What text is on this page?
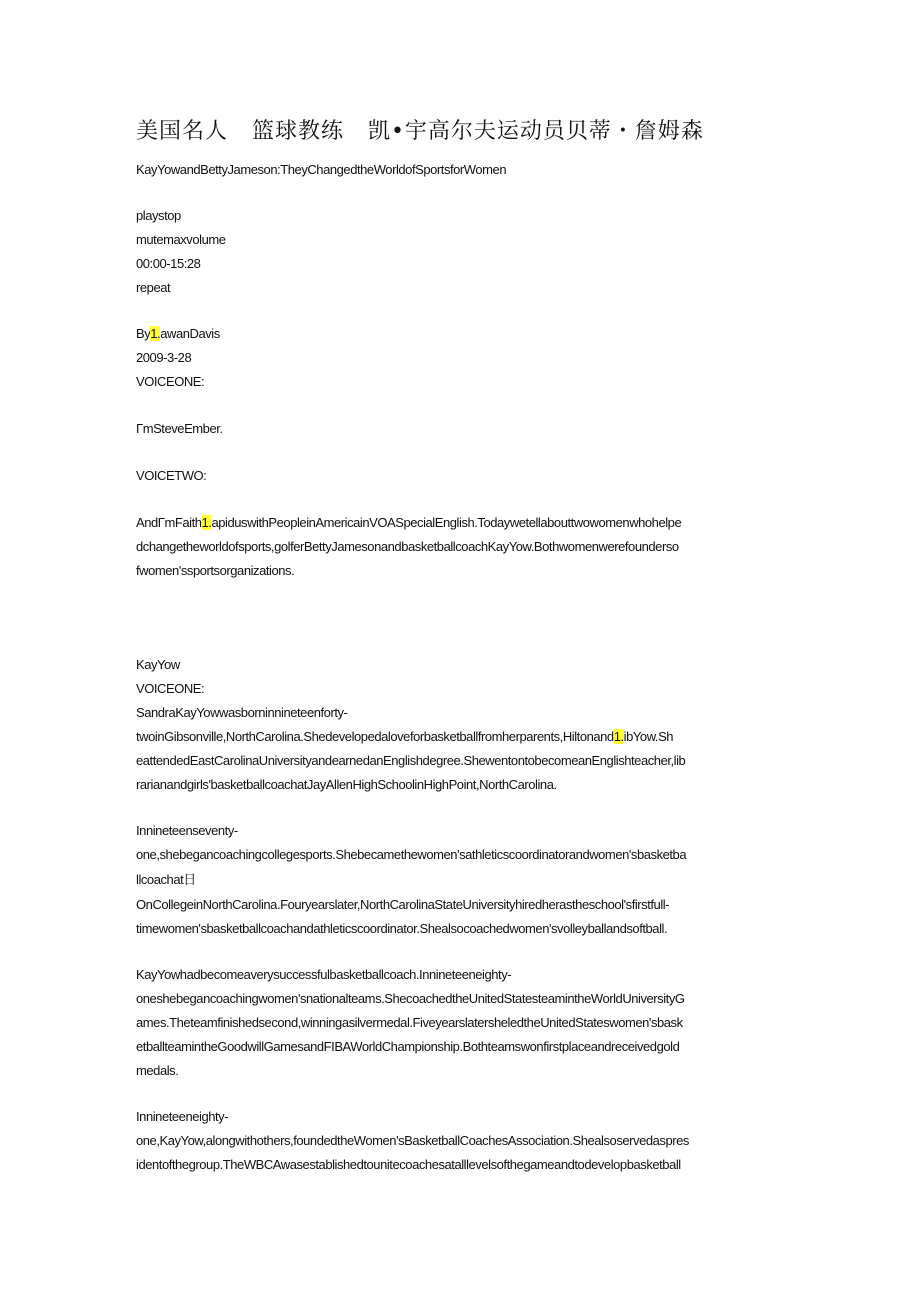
美国名人   篮球教练   凯•宇高尔夫运动员贝蒂・詹姆森

KayYowandBettyJameson:TheyChangedtheWorldofSportsforWomen

playstop

mutemaxvolume

00:00-15:28

repeat

By1.awanDavis

2009-3-28

VOICEONE:

ΓmSteveEmber.

VOICETWO:

AndΓmFaith1.apiduswithPeopleinAmericainVOASpecialEnglish.Todaywetellabouttwowomenwhohelpe

dchangetheworldofsports,golferBettyJamesonandbasketballcoachKayYow.Bothwomenwerefounderso

fwomen'ssportsorganizations.

KayYow

VOICEONE:

SandraKayYowwasborninnineteenforty-

twoinGibsonville,NorthCarolina.Shedevelopedaloveforbasketballfromherparents,Hiltonand1.ibYow.Sh

eattendedEastCarolinaUniversityandearnedanEnglishdegree.ShewentontobecomeanEnglishteacher,lib

rarianandgirls'basketballcoachatJayAllenHighSchoolinHighPoint,NorthCarolina.

Innineteenseventy-

one,shebegancoachingcollegesports.Shebecamethewomen'sathleticscoordinatorandwomen'sbasketba

llcoachat日

OnCollegeinNorthCarolina.Fouryearslater,NorthCarolinaStateUniversityhiredherastheschool'sfirstfull-

timewomen'sbasketballcoachandathleticscoordinator.Shealsocoachedwomen'svolleyballandsoftball.

KayYowhadbecomeaverysuccessfulbasketballcoach.Innineteeneighty-

oneshebegancoachingwomen'snationalteams.ShecoachedtheUnitedStatesteamintheWorldUniversityG

ames.Theteamfinishedsecond,winningasilvermedal.FiveyearslatersheledtheUnitedStateswomen'sbask

etballteamintheGoodwillGamesandFIBAWorldChampionship.Bothteamswonfirstplaceandreceivedgold

medals.

Innineteeneighty-

one,KayYow,alongwithothers,foundedtheWomen'sBasketballCoachesAssociation.Shealsoservedaspres

identofthegroup.TheWBCAwasestablishedtounitecoachesatalllevelsofthegameandtodevelopbasketball
